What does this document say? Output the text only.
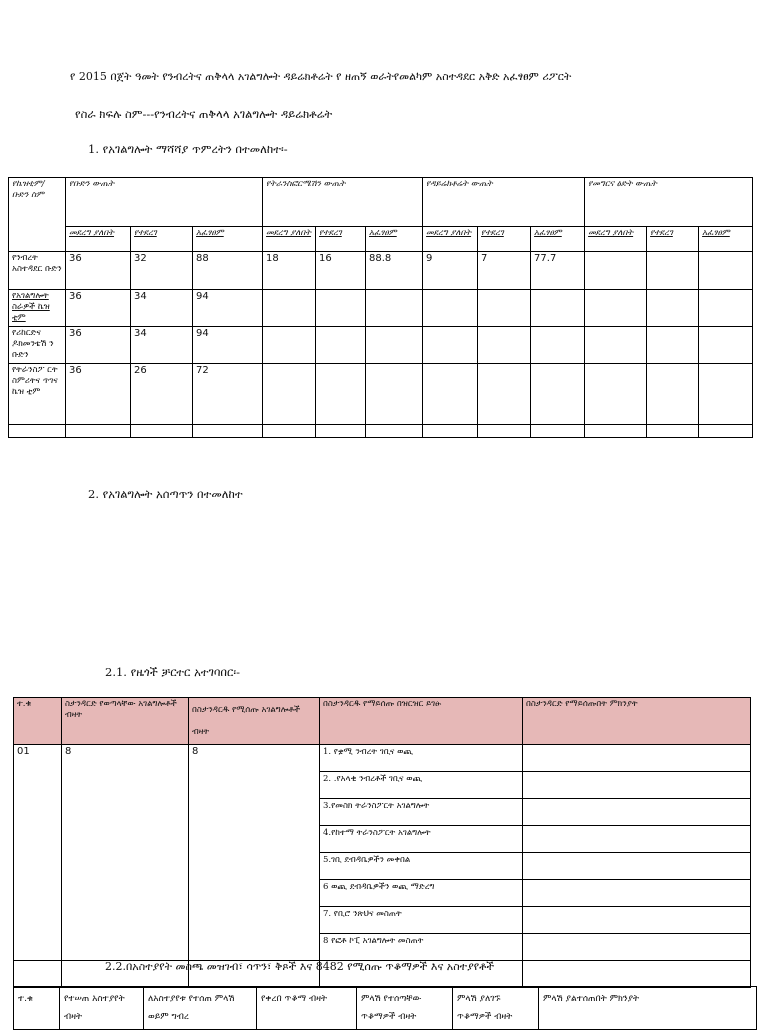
የ 2015 በጀት ዓመት የንብረትና ጠቅላላ አገልግሎት ዳይሬክቶሬት የ ዘጠኝ ወራትየመልካም አስተዳደር አቅድ አፈፃፀም ሪፖርት
የስራ ክፍሉ ስም---የንብረትና ጠቅላላ አገልግሎት ዳይሬክቶሬት
1. የአገልግሎት ማሻሻያ ጥምረትን በተመለከተ፡-
የኬዝቲም/ ቡድን ስም	የቡድን ውጤት			የትራንስፎርሜሽን ውጤት			የዳይሬክቶሬት ውጤት			የመግርና ፅድት ውጤት		
	መደረግ ያለበት	የተደረገ	አፈፃፀም	መደረግ ያለበት	የተደረገ	አፈፃፀም	መደረግ ያለበት	የተደረገ	አፈፃፀም	መደረግ ያለበት	የተደረገ	አፈፃፀም
የንብረት አስተዳደር ቡድን	36	32	88	18	16	88.8	9	7	77.7			
የአገልግሎት ስራዎች ኬዝ ቲም	36	34	94									
የሪከርድና ዶክመንቴሽ ን ቡድን	36	34	94									
የትራንስፖ ርት ስምሪትና ጥገና ኬዝ ቲም	36	26	72									

2. የአገልግሎት አሰጣጥን በተመለከተ
2.1. የዜጎች ቻርተር አተገባበር፡-
ተ.ቁ	ስታንዳርድ የወጣላቸው አገልግሎቶች ብዛት	በስታንዳርዱ የሚሰጡ አገልግሎቶች ብዛት	በስታንዳርዱ የማይሰጡ በዝርዝር ይገፁ	በስታንዳርድ የማይሰጡበት ምክንያት
01	8	8	1. የቋሚ ንብረት ገቢና ወጪ	
			2. .የአላቂ ንብረቶች ገቢና ወጪ	
			3.የመስክ ትራንስፖርት አገልግሎት	
			4.የከተማ ትራንስፖርት አገልግሎት	
			5.ገቢ ደብዳቤዎችን መቀበል	
			6 ወጪ ደብዳቤዎችን ወጪ ማድረግ	
			7. የቢሮ ንጽህና መስጠት	
			8 የፎቶ ኮፒ አገልግሎት መስጠት	

2.2.በአስተያየት መስጫ መዝገብ፣ ሳጥን፣ ቅጾች እና 8482 የሚሰጡ ጥቆማዎች እና አስተያየቶች
ተ.ቁ	የተሠጠ አስተያየት ብዛት	ለአስተያየቱ የተሰጠ ምላሽ ወይም ግብረ	የቀረበ ጥቆማ ብዛት	ምላሽ የተሰጣቸው ጥቆማዎች ብዛት	ምላሽ ያለገኙ ጥቆማዎች ብዛት	ምላሽ ያልተሰጠበት ምክንያት
